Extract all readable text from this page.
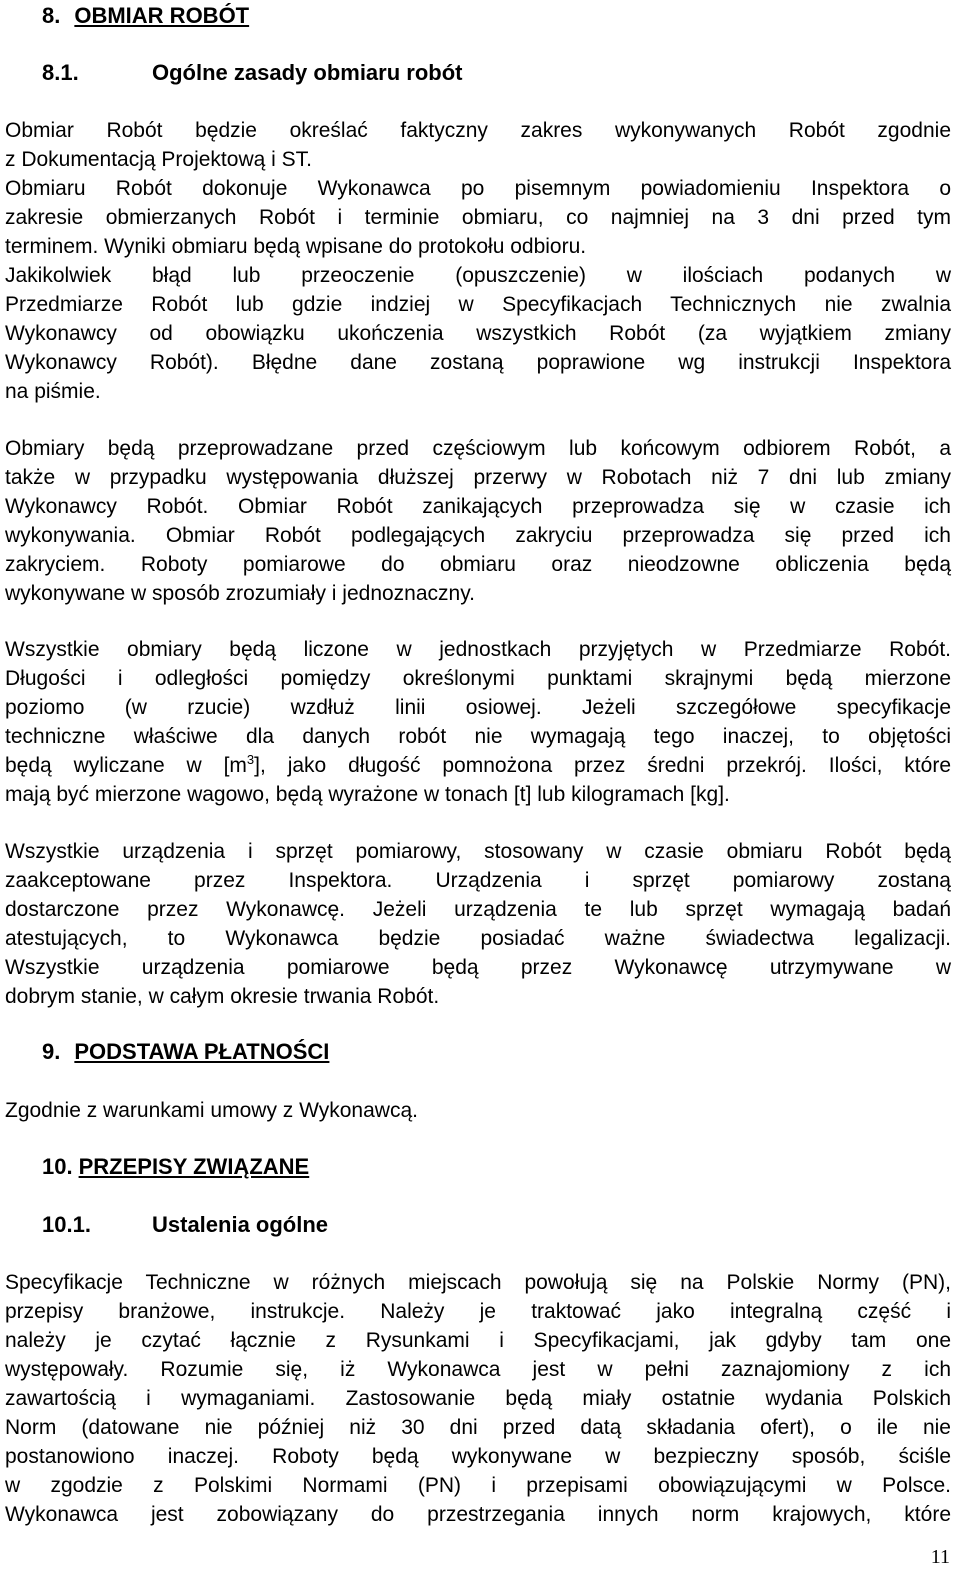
8. OBMIAR ROBÓT
8.1.	Ogólne zasady obmiaru robót
Obmiar Robót będzie określać faktyczny zakres wykonywanych Robót zgodnie
z Dokumentacją Projektową i ST.
Obmiaru Robót dokonuje Wykonawca po pisemnym powiadomieniu Inspektora o
zakresie obmierzanych Robót i terminie obmiaru, co najmniej na 3 dni przed tym
terminem. Wyniki obmiaru będą wpisane do protokołu odbioru.
Jakikolwiek błąd lub przeoczenie (opuszczenie) w ilościach podanych w
Przedmiarze Robót lub gdzie indziej w Specyfikacjach Technicznych nie zwalnia
Wykonawcy od obowiązku ukończenia wszystkich Robót (za wyjątkiem zmiany
Wykonawcy Robót). Błędne dane zostaną poprawione wg instrukcji Inspektora
na piśmie.
Obmiary będą przeprowadzane przed częściowym lub końcowym odbiorem Robót, a
także w przypadku występowania dłuższej przerwy w Robotach niż 7 dni lub zmiany
Wykonawcy Robót. Obmiar Robót zanikających przeprowadza się w czasie ich
wykonywania. Obmiar Robót podlegających zakryciu przeprowadza się przed ich
zakryciem. Roboty pomiarowe do obmiaru oraz nieodzowne obliczenia będą
wykonywane w sposób zrozumiały i jednoznaczny.
Wszystkie obmiary będą liczone w jednostkach przyjętych w Przedmiarze Robót.
Długości i odległości pomiędzy określonymi punktami skrajnymi będą mierzone
poziomo (w rzucie) wzdłuż linii osiowej. Jeżeli szczegółowe specyfikacje
techniczne właściwe dla danych robót nie wymagają tego inaczej, to objętości
będą wyliczane w $[m^3]$, jako długość pomnożona przez średni przekrój. Ilości, które
mają być mierzone wagowo, będą wyrażone w tonach [t] lub kilogramach [kg].
Wszystkie urządzenia i sprzęt pomiarowy, stosowany w czasie obmiaru Robót będą
zaakceptowane przez Inspektora. Urządzenia i sprzęt pomiarowy zostaną
dostarczone przez Wykonawcę. Jeżeli urządzenia te lub sprzęt wymagają badań
atestujących, to Wykonawca będzie posiadać ważne świadectwa legalizacji.
Wszystkie urządzenia pomiarowe będą przez Wykonawcę utrzymywane w
dobrym stanie, w całym okresie trwania Robót.
9. PODSTAWA PŁATNOŚCI
Zgodnie z warunkami umowy z Wykonawcą.
10. PRZEPISY ZWIĄZANE
10.1.	Ustalenia ogólne
Specyfikacje Techniczne w różnych miejscach powołują się na Polskie Normy (PN),
przepisy branżowe, instrukcje. Należy je traktować jako integralną część i
należy je czytać łącznie z Rysunkami i Specyfikacjami, jak gdyby tam one
występowały. Rozumie się, iż Wykonawca jest w pełni zaznajomiony z ich
zawartością i wymaganiami. Zastosowanie będą miały ostatnie wydania Polskich
Norm (datowane nie później niż 30 dni przed datą składania ofert), o ile nie
postanowiono inaczej. Roboty będą wykonywane w bezpieczny sposób, ściśle
w zgodzie z Polskimi Normami (PN) i przepisami obowiązującymi w Polsce.
Wykonawca jest zobowiązany do przestrzegania innych norm krajowych, które
11
